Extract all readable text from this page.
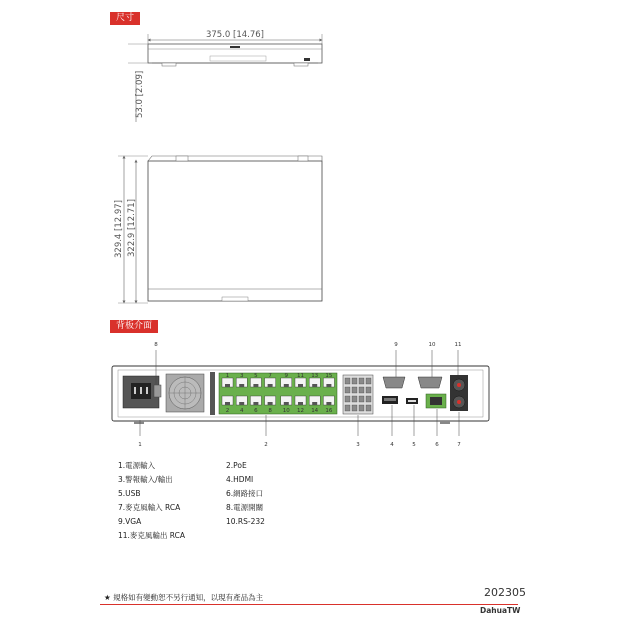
尺寸
背板介面
375.0 [14.76]
53.0 [2.09]
329.4 [12.97] 322.9 [12.71]
1 3 5 7 9 11 13 15
2 4 6 8 10 12 14 16
1	2	3	4	5	6	7
8	9	10	11
1.電源輸入
3.警報輸入/輸出
5.USB
7.麥克風輸入 RCA
9.VGA
11.麥克風輸出 RCA
2.PoE
4.HDMI
6.網路接口
8.電源開關
10.RS-232
★ 規格如有變動恕不另行通知，以現有產品為主	202305
DahuaTW
